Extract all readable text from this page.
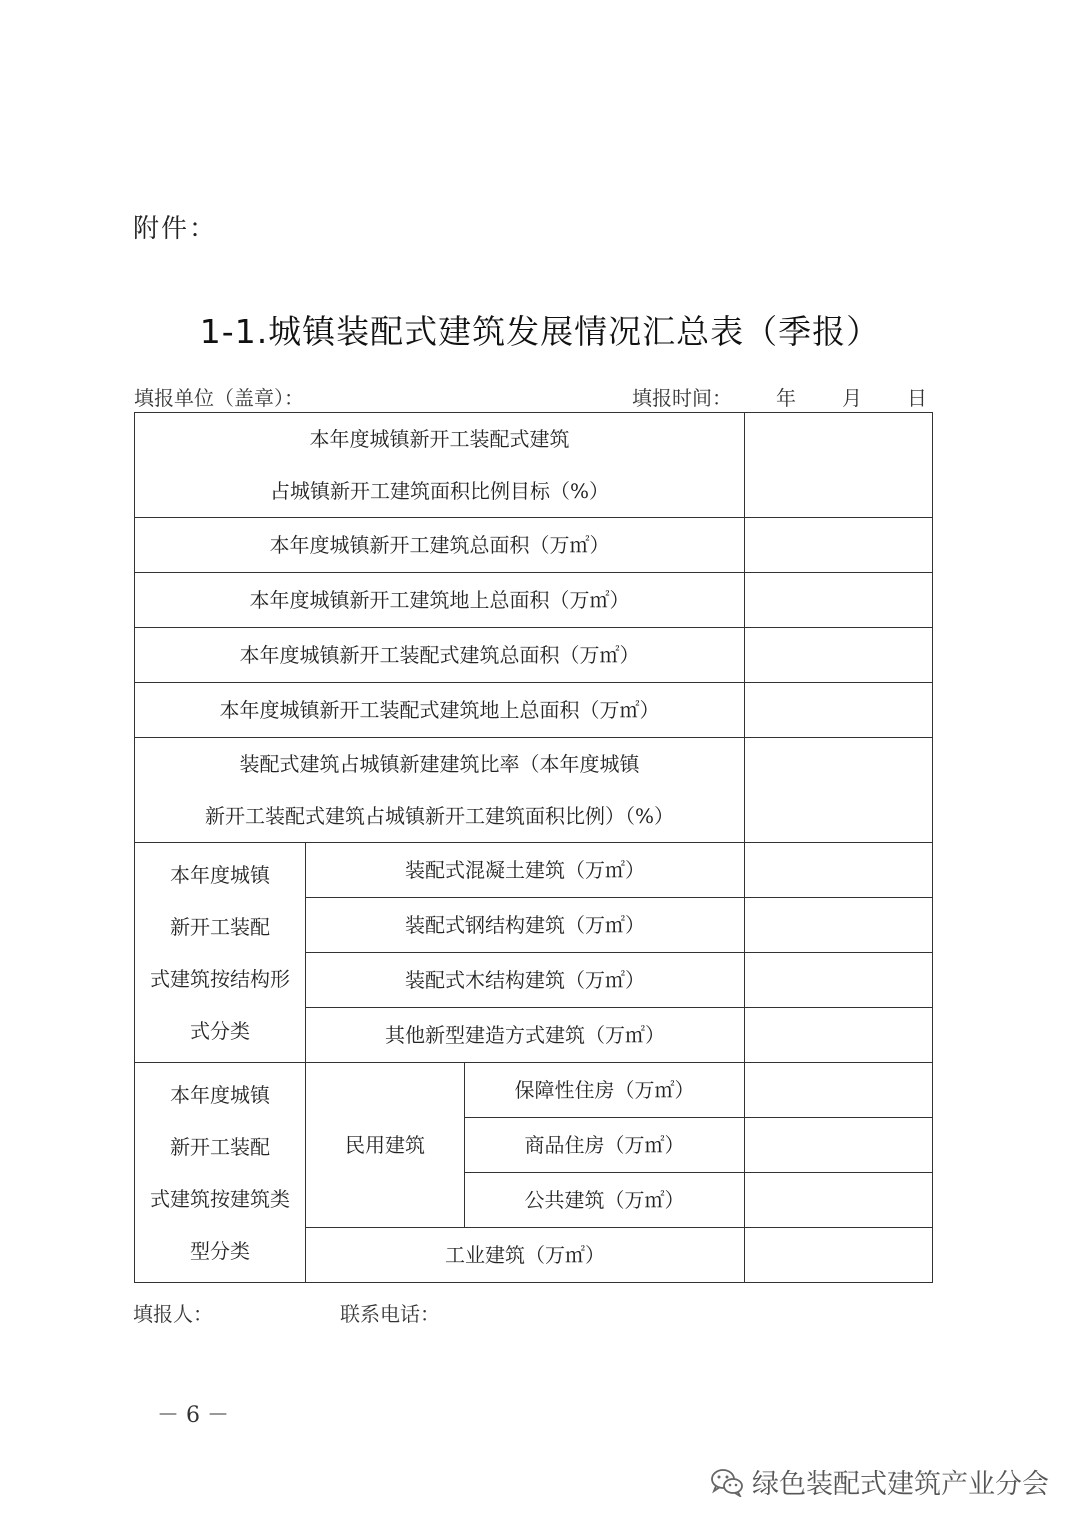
附件：
1-1.城镇装配式建筑发展情况汇总表（季报）
填报单位（盖章）：	填报时间： 年 月 日
本年度城镇新开工装配式建筑
占城镇新开工建筑面积比例目标（%）			

本年度城镇新开工建筑总面积（万㎡）			
本年度城镇新开工建筑地上总面积（万㎡）			
本年度城镇新开工装配式建筑总面积（万㎡）			
本年度城镇新开工装配式建筑地上总面积（万㎡）			

装配式建筑占城镇新建建筑比率（本年度城镇
新开工装配式建筑占城镇新开工建筑面积比例）（%）			

本年度城镇
新开工装配
式建筑按结构形
式分类	装配式混凝土建筑（万㎡）		
	装配式钢结构建筑（万㎡）		
	装配式木结构建筑（万㎡）		
	其他新型建造方式建筑（万㎡）		

本年度城镇
新开工装配
式建筑按建筑类
型分类	民用建筑	保障性住房（万㎡）	
		商品住房（万㎡）	
		公共建筑（万㎡）	
	工业建筑（万㎡）		
填报人：	联系电话：
－ 6 －
绿色装配式建筑产业分会
